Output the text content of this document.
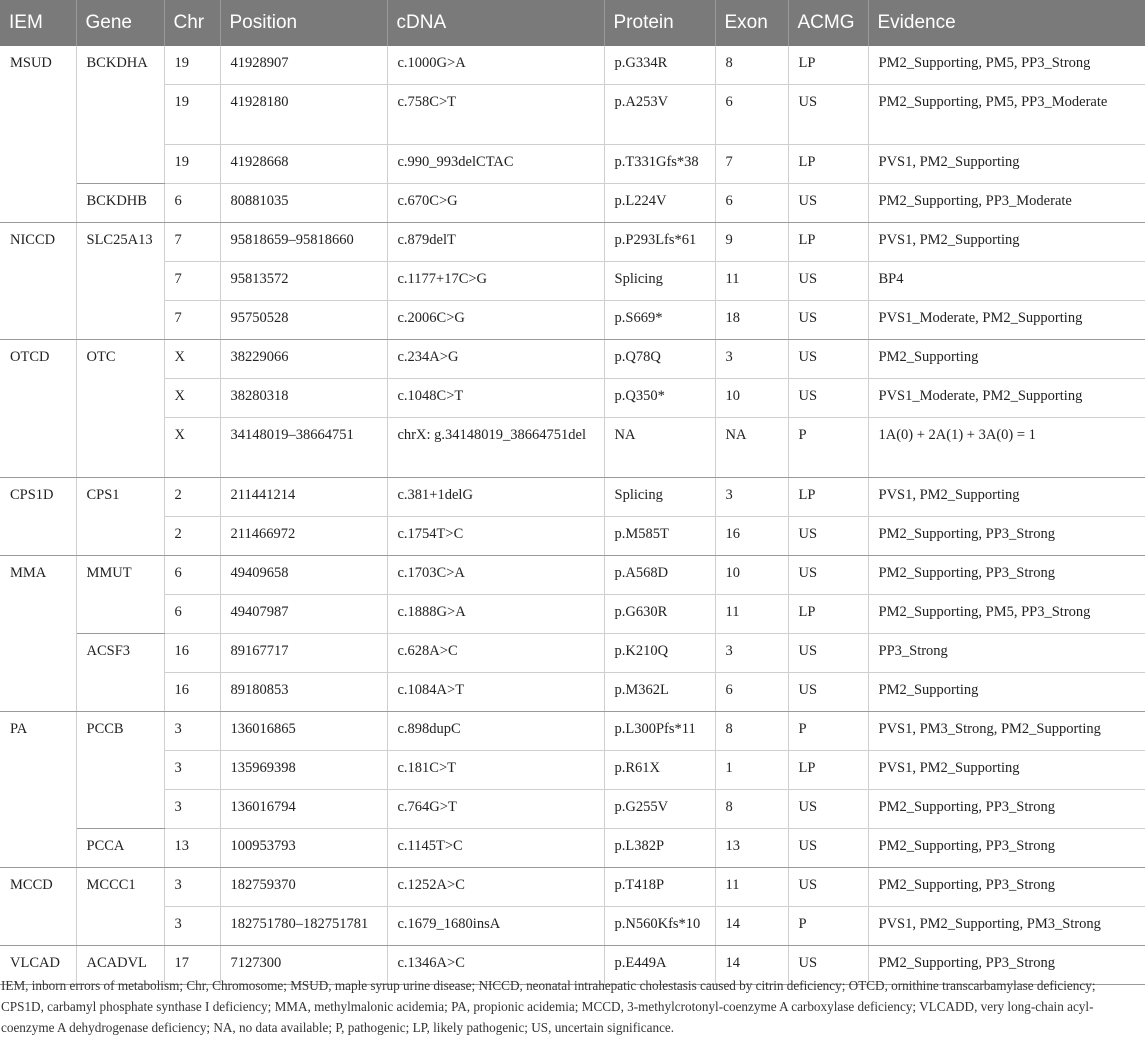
IEM	Gene	Chr	Position	cDNA	Protein	Exon	ACMG	Evidence
MSUD	BCKDHA	19	41928907	c.1000G>A	p.G334R	8	LP	PM2_Supporting, PM5, PP3_Strong
		19	41928180	c.758C>T	p.A253V	6	US	PM2_Supporting, PM5, PP3_Moderate
		19	41928668	c.990_993delCTAC	p.T331Gfs*38	7	LP	PVS1, PM2_Supporting
	BCKDHB	6	80881035	c.670C>G	p.L224V	6	US	PM2_Supporting, PP3_Moderate
NICCD	SLC25A13	7	95818659–95818660	c.879delT	p.P293Lfs*61	9	LP	PVS1, PM2_Supporting
		7	95813572	c.1177+17C>G	Splicing	11	US	BP4
		7	95750528	c.2006C>G	p.S669*	18	US	PVS1_Moderate, PM2_Supporting
OTCD	OTC	X	38229066	c.234A>G	p.Q78Q	3	US	PM2_Supporting
		X	38280318	c.1048C>T	p.Q350*	10	US	PVS1_Moderate, PM2_Supporting
		X	34148019–38664751	chrX: g.34148019_38664751del	NA	NA	P	1A(0) + 2A(1) + 3A(0) = 1
CPS1D	CPS1	2	211441214	c.381+1delG	Splicing	3	LP	PVS1, PM2_Supporting
		2	211466972	c.1754T>C	p.M585T	16	US	PM2_Supporting, PP3_Strong
MMA	MMUT	6	49409658	c.1703C>A	p.A568D	10	US	PM2_Supporting, PP3_Strong
		6	49407987	c.1888G>A	p.G630R	11	LP	PM2_Supporting, PM5, PP3_Strong
	ACSF3	16	89167717	c.628A>C	p.K210Q	3	US	PP3_Strong
		16	89180853	c.1084A>T	p.M362L	6	US	PM2_Supporting
PA	PCCB	3	136016865	c.898dupC	p.L300Pfs*11	8	P	PVS1, PM3_Strong, PM2_Supporting
		3	135969398	c.181C>T	p.R61X	1	LP	PVS1, PM2_Supporting
		3	136016794	c.764G>T	p.G255V	8	US	PM2_Supporting, PP3_Strong
	PCCA	13	100953793	c.1145T>C	p.L382P	13	US	PM2_Supporting, PP3_Strong
MCCD	MCCC1	3	182759370	c.1252A>C	p.T418P	11	US	PM2_Supporting, PP3_Strong
		3	182751780–182751781	c.1679_1680insA	p.N560Kfs*10	14	P	PVS1, PM2_Supporting, PM3_Strong
VLCAD	ACADVL	17	7127300	c.1346A>C	p.E449A	14	US	PM2_Supporting, PP3_Strong
IEM, inborn errors of metabolism; Chr, Chromosome; MSUD, maple syrup urine disease; NICCD, neonatal intrahepatic cholestasis caused by citrin deficiency; OTCD, ornithine transcarbamylase deficiency; CPS1D, carbamyl phosphate synthase I deficiency; MMA, methylmalonic acidemia; PA, propionic acidemia; MCCD, 3-methylcrotonyl-coenzyme A carboxylase deficiency; VLCADD, very long-chain acyl-coenzyme A dehydrogenase deficiency; NA, no data available; P, pathogenic; LP, likely pathogenic; US, uncertain significance.
